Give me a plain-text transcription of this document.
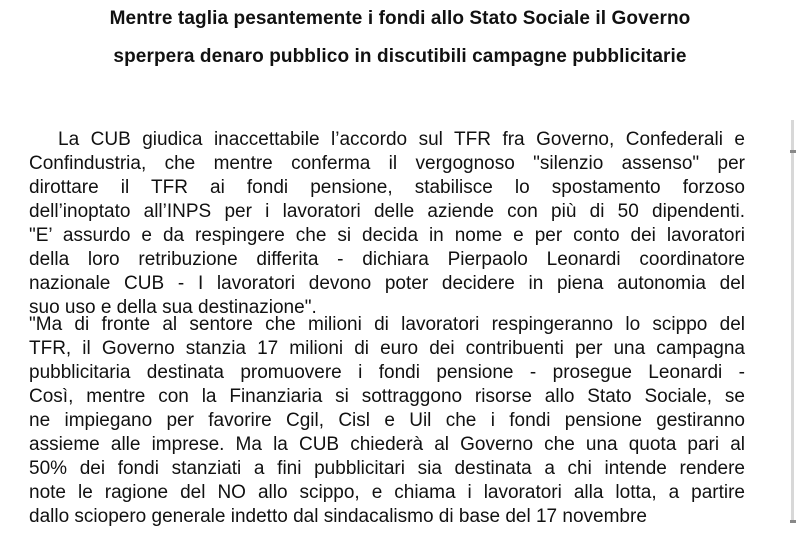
Mentre taglia pesantemente i fondi allo Stato Sociale il Governo
sperpera denaro pubblico in discutibili campagne pubblicitarie
La CUB giudica inaccettabile l’accordo sul TFR fra Governo, Confederali e
Confindustria, che mentre conferma il vergognoso "silenzio assenso" per
dirottare il TFR ai fondi pensione, stabilisce lo spostamento forzoso
dell’inoptato all’INPS per i lavoratori delle aziende con più di 50 dipendenti.
"E’ assurdo e da respingere che si decida in nome e per conto dei lavoratori
della loro retribuzione differita - dichiara Pierpaolo Leonardi coordinatore
nazionale CUB - I lavoratori devono poter decidere in piena autonomia del
suo uso e della sua destinazione".
"Ma di fronte al sentore che milioni di lavoratori respingeranno lo scippo del
TFR, il Governo stanzia 17 milioni di euro dei contribuenti per una campagna
pubblicitaria destinata promuovere i fondi pensione - prosegue Leonardi -
Così, mentre con la Finanziaria si sottraggono risorse allo Stato Sociale, se
ne impiegano per favorire Cgil, Cisl e Uil che i fondi pensione gestiranno
assieme alle imprese. Ma la CUB chiederà al Governo che una quota pari al
50% dei fondi stanziati a fini pubblicitari sia destinata a chi intende rendere
note le ragione del NO allo scippo, e chiama i lavoratori alla lotta, a partire
dallo sciopero generale indetto dal sindacalismo di base del 17 novembre
